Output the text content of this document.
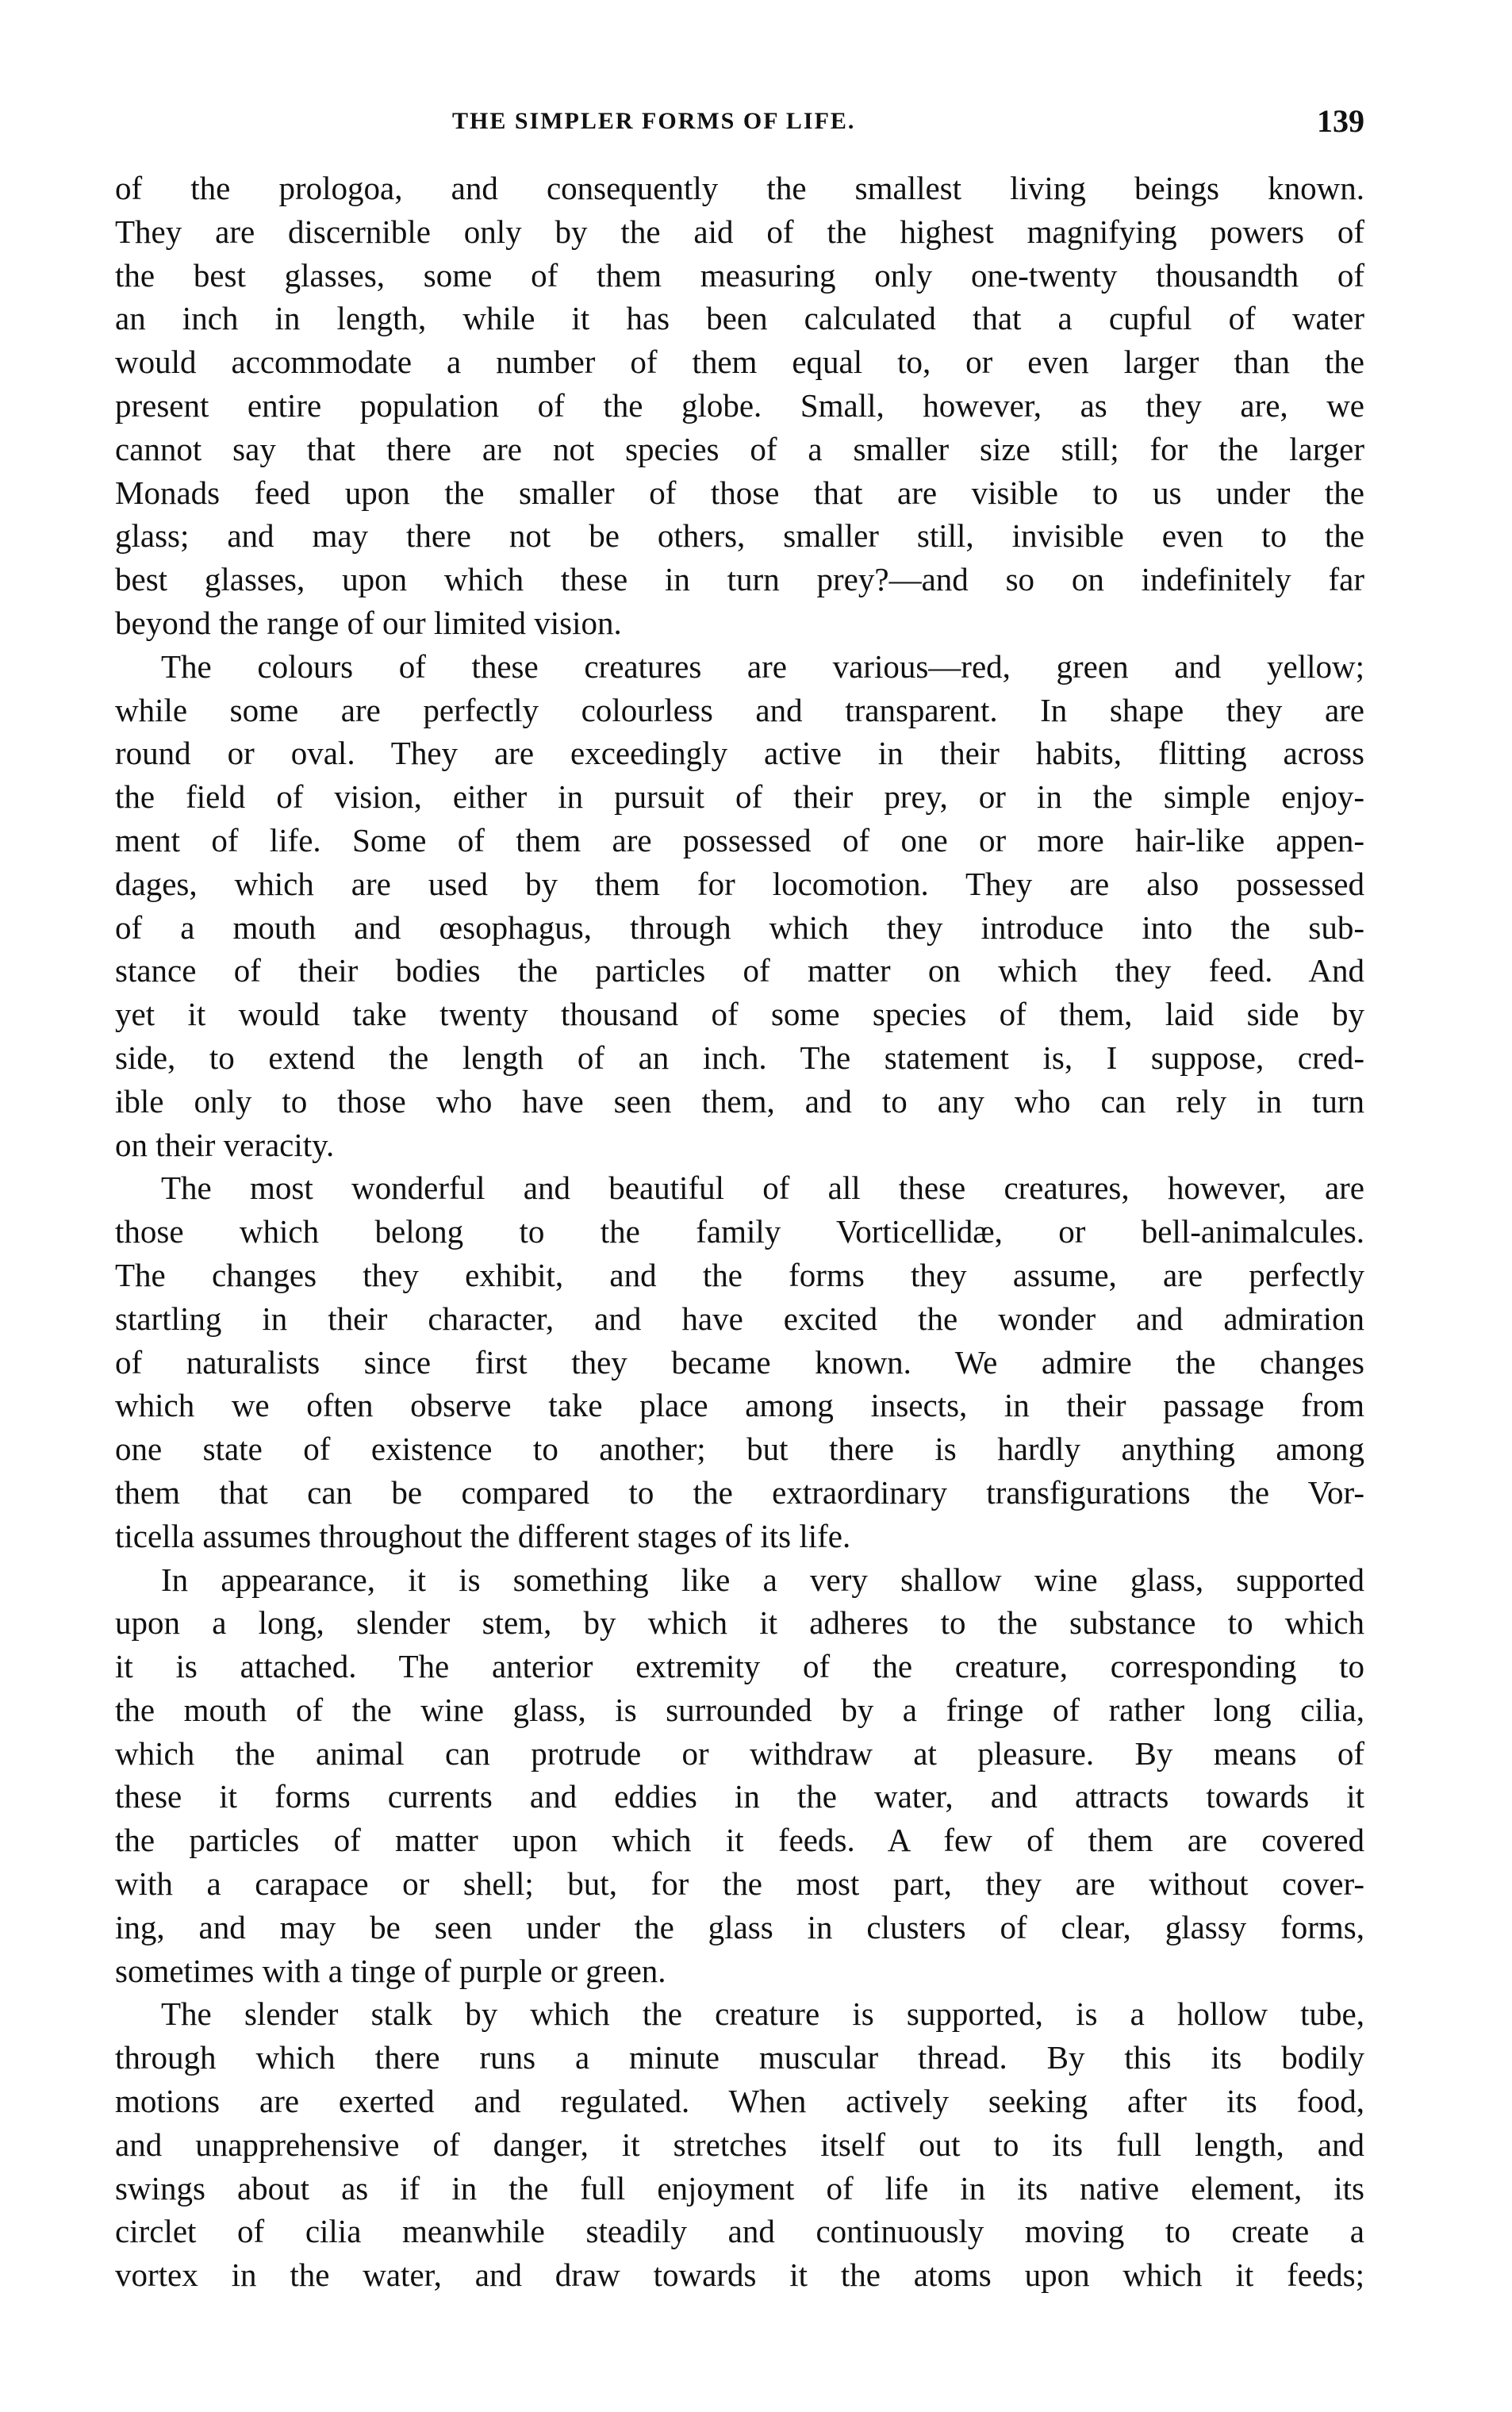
THE SIMPLER FORMS OF LIFE.	139
of the prologoa, and consequently the smallest living beings known.
They are discernible only by the aid of the highest magnifying powers of
the best glasses, some of them measuring only one-twenty thousandth of
an inch in length, while it has been calculated that a cupful of water
would accommodate a number of them equal to, or even larger than the
present entire population of the globe. Small, however, as they are, we
cannot say that there are not species of a smaller size still; for the larger
Monads feed upon the smaller of those that are visible to us under the
glass; and may there not be others, smaller still, invisible even to the
best glasses, upon which these in turn prey?—and so on indefinitely far
beyond the range of our limited vision.
The colours of these creatures are various—red, green and yellow;
while some are perfectly colourless and transparent. In shape they are
round or oval. They are exceedingly active in their habits, flitting across
the field of vision, either in pursuit of their prey, or in the simple enjoy-
ment of life. Some of them are possessed of one or more hair-like appen-
dages, which are used by them for locomotion. They are also possessed
of a mouth and œsophagus, through which they introduce into the sub-
stance of their bodies the particles of matter on which they feed. And
yet it would take twenty thousand of some species of them, laid side by
side, to extend the length of an inch. The statement is, I suppose, cred-
ible only to those who have seen them, and to any who can rely in turn
on their veracity.
The most wonderful and beautiful of all these creatures, however, are
those which belong to the family Vorticellidæ, or bell-animalcules.
The changes they exhibit, and the forms they assume, are perfectly
startling in their character, and have excited the wonder and admiration
of naturalists since first they became known. We admire the changes
which we often observe take place among insects, in their passage from
one state of existence to another; but there is hardly anything among
them that can be compared to the extraordinary transfigurations the Vor-
ticella assumes throughout the different stages of its life.
In appearance, it is something like a very shallow wine glass, supported
upon a long, slender stem, by which it adheres to the substance to which
it is attached. The anterior extremity of the creature, corresponding to
the mouth of the wine glass, is surrounded by a fringe of rather long cilia,
which the animal can protrude or withdraw at pleasure. By means of
these it forms currents and eddies in the water, and attracts towards it
the particles of matter upon which it feeds. A few of them are covered
with a carapace or shell; but, for the most part, they are without cover-
ing, and may be seen under the glass in clusters of clear, glassy forms,
sometimes with a tinge of purple or green.
The slender stalk by which the creature is supported, is a hollow tube,
through which there runs a minute muscular thread. By this its bodily
motions are exerted and regulated. When actively seeking after its food,
and unapprehensive of danger, it stretches itself out to its full length, and
swings about as if in the full enjoyment of life in its native element, its
circlet of cilia meanwhile steadily and continuously moving to create a
vortex in the water, and draw towards it the atoms upon which it feeds;
